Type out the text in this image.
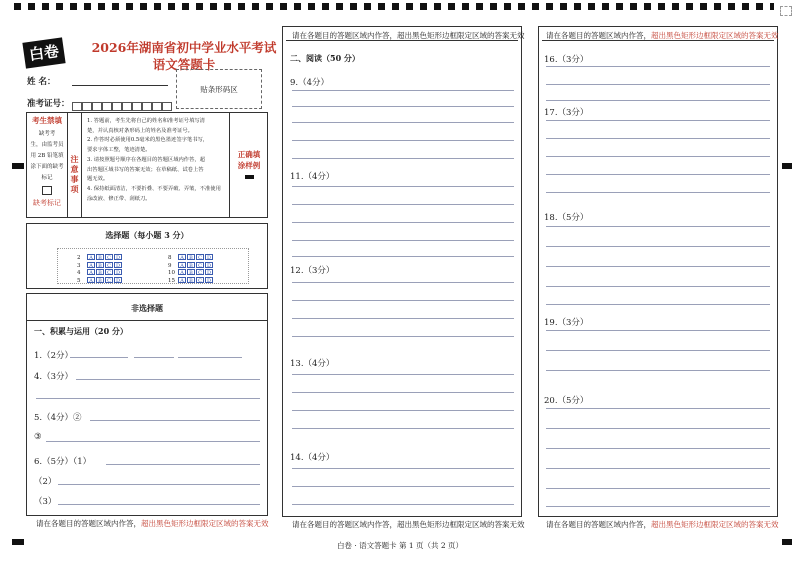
白卷	2026年湖南省初中学业水平考试
语文答题卡
姓 名：
准考证号：
贴条形码区
考生禁填
缺考考
生，由监考员
用 2B 铅笔填
涂下面的缺考
标记
缺考标记
注意事项
1. 答题前，考生先将自己的姓名和准考证号填写清
楚，并认真核对条形码上的姓名及准考证号。
2. 作答时必须使用0.5毫米的黑色墨迹签字笔书写，
要求字体工整，笔迹清楚。
3. 请按照题号顺序在各题目的答题区域内作答，超
出答题区域书写的答案无效；在草稿纸、试卷上答
题无效。
4. 保持纸面清洁，不要折叠、不要弄破、弄皱，不准使用
涂改液、修正带、刮纸刀。
正确填涂样例
选择题（每小题 3 分）
2 A B C D	8 A B C D
3 A B C D	9 A B C D
4 A B C D	10 A B C D
5 A B C D	15 A B C D
非选择题
一、积累与运用（20 分）
1.（2分）
4.（3分）
5.（4分）②
③
6.（5分）（1）
（2）
（3）
请在各题目的答题区域内作答，超出黑色矩形边框限定区域的答案无效
请在各题目的答题区域内作答，超出黑色矩形边框限定区域的答案无效
二、阅读（50 分）
9.（4分）
11.（4分）
12.（3分）
13.（4分）
14.（4分）
请在各题目的答题区域内作答，超出黑色矩形边框限定区域的答案无效
请在各题目的答题区域内作答，超出黑色矩形边框限定区域的答案无效
16.（3分）
17.（3分）
18.（5分）
19.（3分）
20.（5分）
请在各题目的答题区域内作答，超出黑色矩形边框限定区域的答案无效
白卷 · 语文答题卡 第 1 页（共 2 页）
